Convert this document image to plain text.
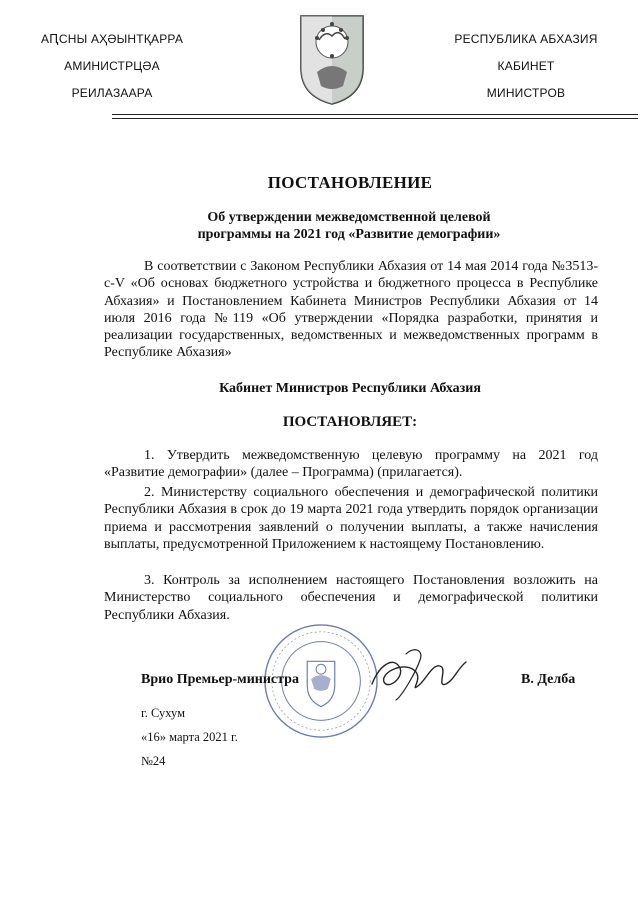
АԤСНЫ АҲӘЫНТҚАРРА
АМИНИСТРЦӘА
РЕИЛАЗААРА
РЕСПУБЛИКА АБХАЗИЯ
КАБИНЕТ
МИНИСТРОВ
ПОСТАНОВЛЕНИЕ
Об утверждении межведомственной целевой
программы на 2021 год «Развитие демографии»

В соответствии с Законом Республики Абхазия от 14 мая 2014 года №3513-с-V «Об основах бюджетного устройства и бюджетного процесса в Республике Абхазия» и Постановлением Кабинета Министров Республики Абхазия от 14 июля 2016 года №119 «Об утверждении «Порядка разработки, принятия и реализации государственных, ведомственных и межведомственных программ в Республике Абхазия»

Кабинет Министров Республики Абхазия
ПОСТАНОВЛЯЕТ:

1. Утвердить межведомственную целевую программу на 2021 год «Развитие демографии» (далее – Программа) (прилагается).

2. Министерству социального обеспечения и демографической политики Республики Абхазия в срок до 19 марта 2021 года утвердить порядок организации приема и рассмотрения заявлений о получении выплаты, а также начисления выплаты, предусмотренной Приложением к настоящему Постановлению.

3. Контроль за исполнением настоящего Постановления возложить на Министерство социального обеспечения и демографической политики Республики Абхазия.

Врио Премьер-министра	В. Делба
г. Сухум
«16» марта 2021 г.
№24
